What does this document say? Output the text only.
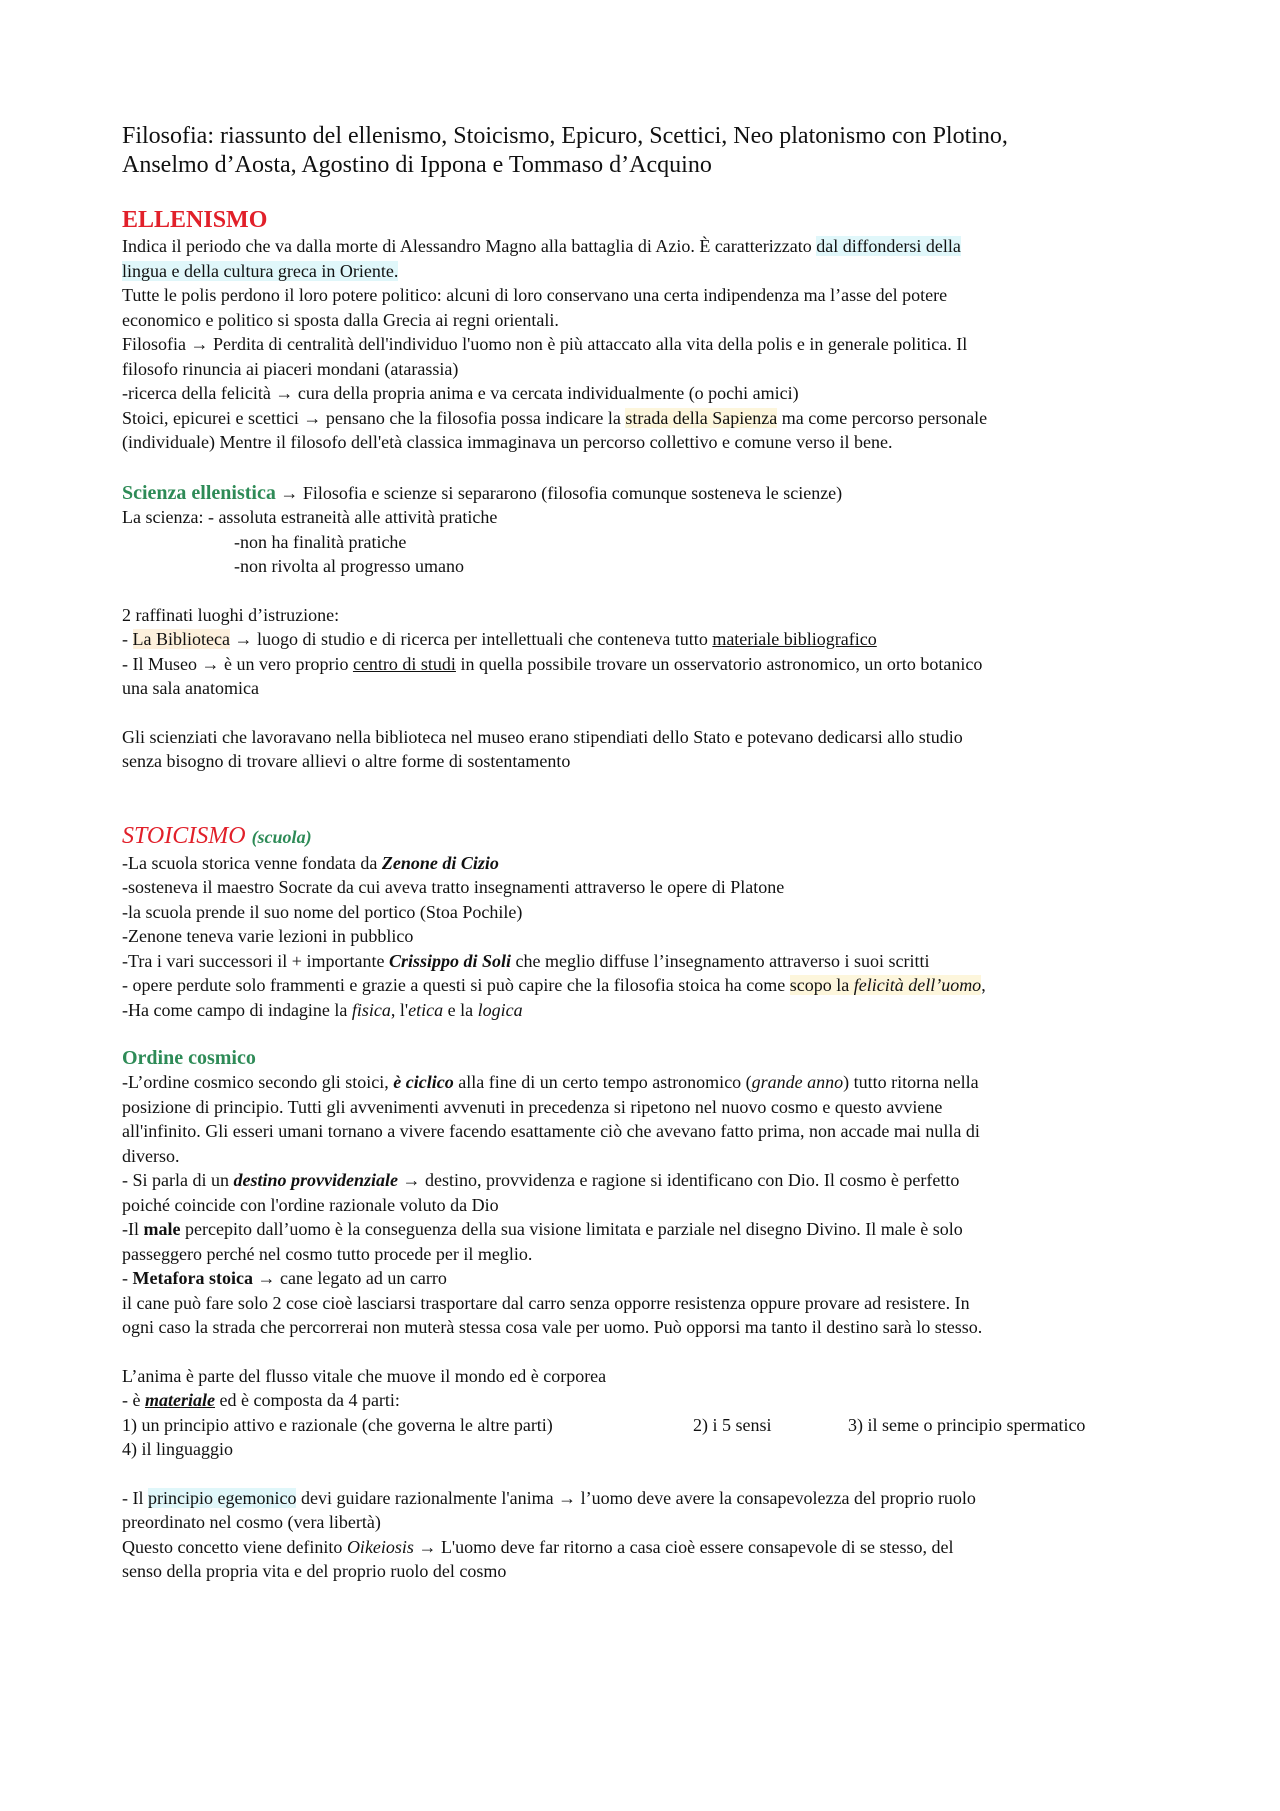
Filosofia: riassunto del ellenismo, Stoicismo, Epicuro, Scettici, Neo platonismo con Plotino,
Anselmo d’Aosta, Agostino di Ippona e Tommaso d’Acquino
ELLENISMO

Indica il periodo che va dalla morte di Alessandro Magno alla battaglia di Azio. È caratterizzato dal diffondersi della

lingua e della cultura greca in Oriente.

Tutte le polis perdono il loro potere politico: alcuni di loro conservano una certa indipendenza ma l’asse del potere

economico e politico si sposta dalla Grecia ai regni orientali.

Filosofia → Perdita di centralità dell'individuo l'uomo non è più attaccato alla vita della polis e in generale politica. Il

filosofo rinuncia ai piaceri mondani (atarassia)

-ricerca della felicità → cura della propria anima e va cercata individualmente (o pochi amici)

Stoici, epicurei e scettici → pensano che la filosofia possa indicare la strada della Sapienza ma come percorso personale

(individuale) Mentre il filosofo dell'età classica immaginava un percorso collettivo e comune verso il bene.

Scienza ellenistica → Filosofia e scienze si separarono (filosofia comunque sosteneva le scienze)

La scienza: - assoluta estraneità alle attività pratiche

-non ha finalità pratiche

-non rivolta al progresso umano

2 raffinati luoghi d’istruzione:

- La Biblioteca → luogo di studio e di ricerca per intellettuali che conteneva tutto materiale bibliografico

- Il Museo → è un vero proprio centro di studi in quella possibile trovare un osservatorio astronomico, un orto botanico

una sala anatomica

Gli scienziati che lavoravano nella biblioteca nel museo erano stipendiati dello Stato e potevano dedicarsi allo studio

senza bisogno di trovare allievi o altre forme di sostentamento

STOICISMO (scuola)

-La scuola storica venne fondata da Zenone di Cizio

-sosteneva il maestro Socrate da cui aveva tratto insegnamenti attraverso le opere di Platone

-la scuola prende il suo nome del portico (Stoa Pochile)

-Zenone teneva varie lezioni in pubblico

-Tra i vari successori il + importante Crissippo di Soli che meglio diffuse l’insegnamento attraverso i suoi scritti

- opere perdute solo frammenti e grazie a questi si può capire che la filosofia stoica ha come scopo la felicità dell’uomo,

-Ha come campo di indagine la fisica, l'etica e la logica

Ordine cosmico

-L’ordine cosmico secondo gli stoici, è ciclico alla fine di un certo tempo astronomico (grande anno) tutto ritorna nella

posizione di principio. Tutti gli avvenimenti avvenuti in precedenza si ripetono nel nuovo cosmo e questo avviene

all'infinito. Gli esseri umani tornano a vivere facendo esattamente ciò che avevano fatto prima, non accade mai nulla di

diverso.

- Si parla di un destino provvidenziale → destino, provvidenza e ragione si identificano con Dio. Il cosmo è perfetto

poiché coincide con l'ordine razionale voluto da Dio

-Il male percepito dall’uomo è la conseguenza della sua visione limitata e parziale nel disegno Divino. Il male è solo

passeggero perché nel cosmo tutto procede per il meglio.

- Metafora stoica → cane legato ad un carro

il cane può fare solo 2 cose cioè lasciarsi trasportare dal carro senza opporre resistenza oppure provare ad resistere. In

ogni caso la strada che percorrerai non muterà stessa cosa vale per uomo. Può opporsi ma tanto il destino sarà lo stesso.

L’anima è parte del flusso vitale che muove il mondo ed è corporea

- è materiale ed è composta da 4 parti:

1) un principio attivo e razionale (che governa le altre parti)	2) i 5 sensi	3) il seme o principio spermatico

4) il linguaggio

- Il principio egemonico devi guidare razionalmente l'anima → l’uomo deve avere la consapevolezza del proprio ruolo

preordinato nel cosmo (vera libertà)

Questo concetto viene definito Oikeiosis → L'uomo deve far ritorno a casa cioè essere consapevole di se stesso, del

senso della propria vita e del proprio ruolo del cosmo
